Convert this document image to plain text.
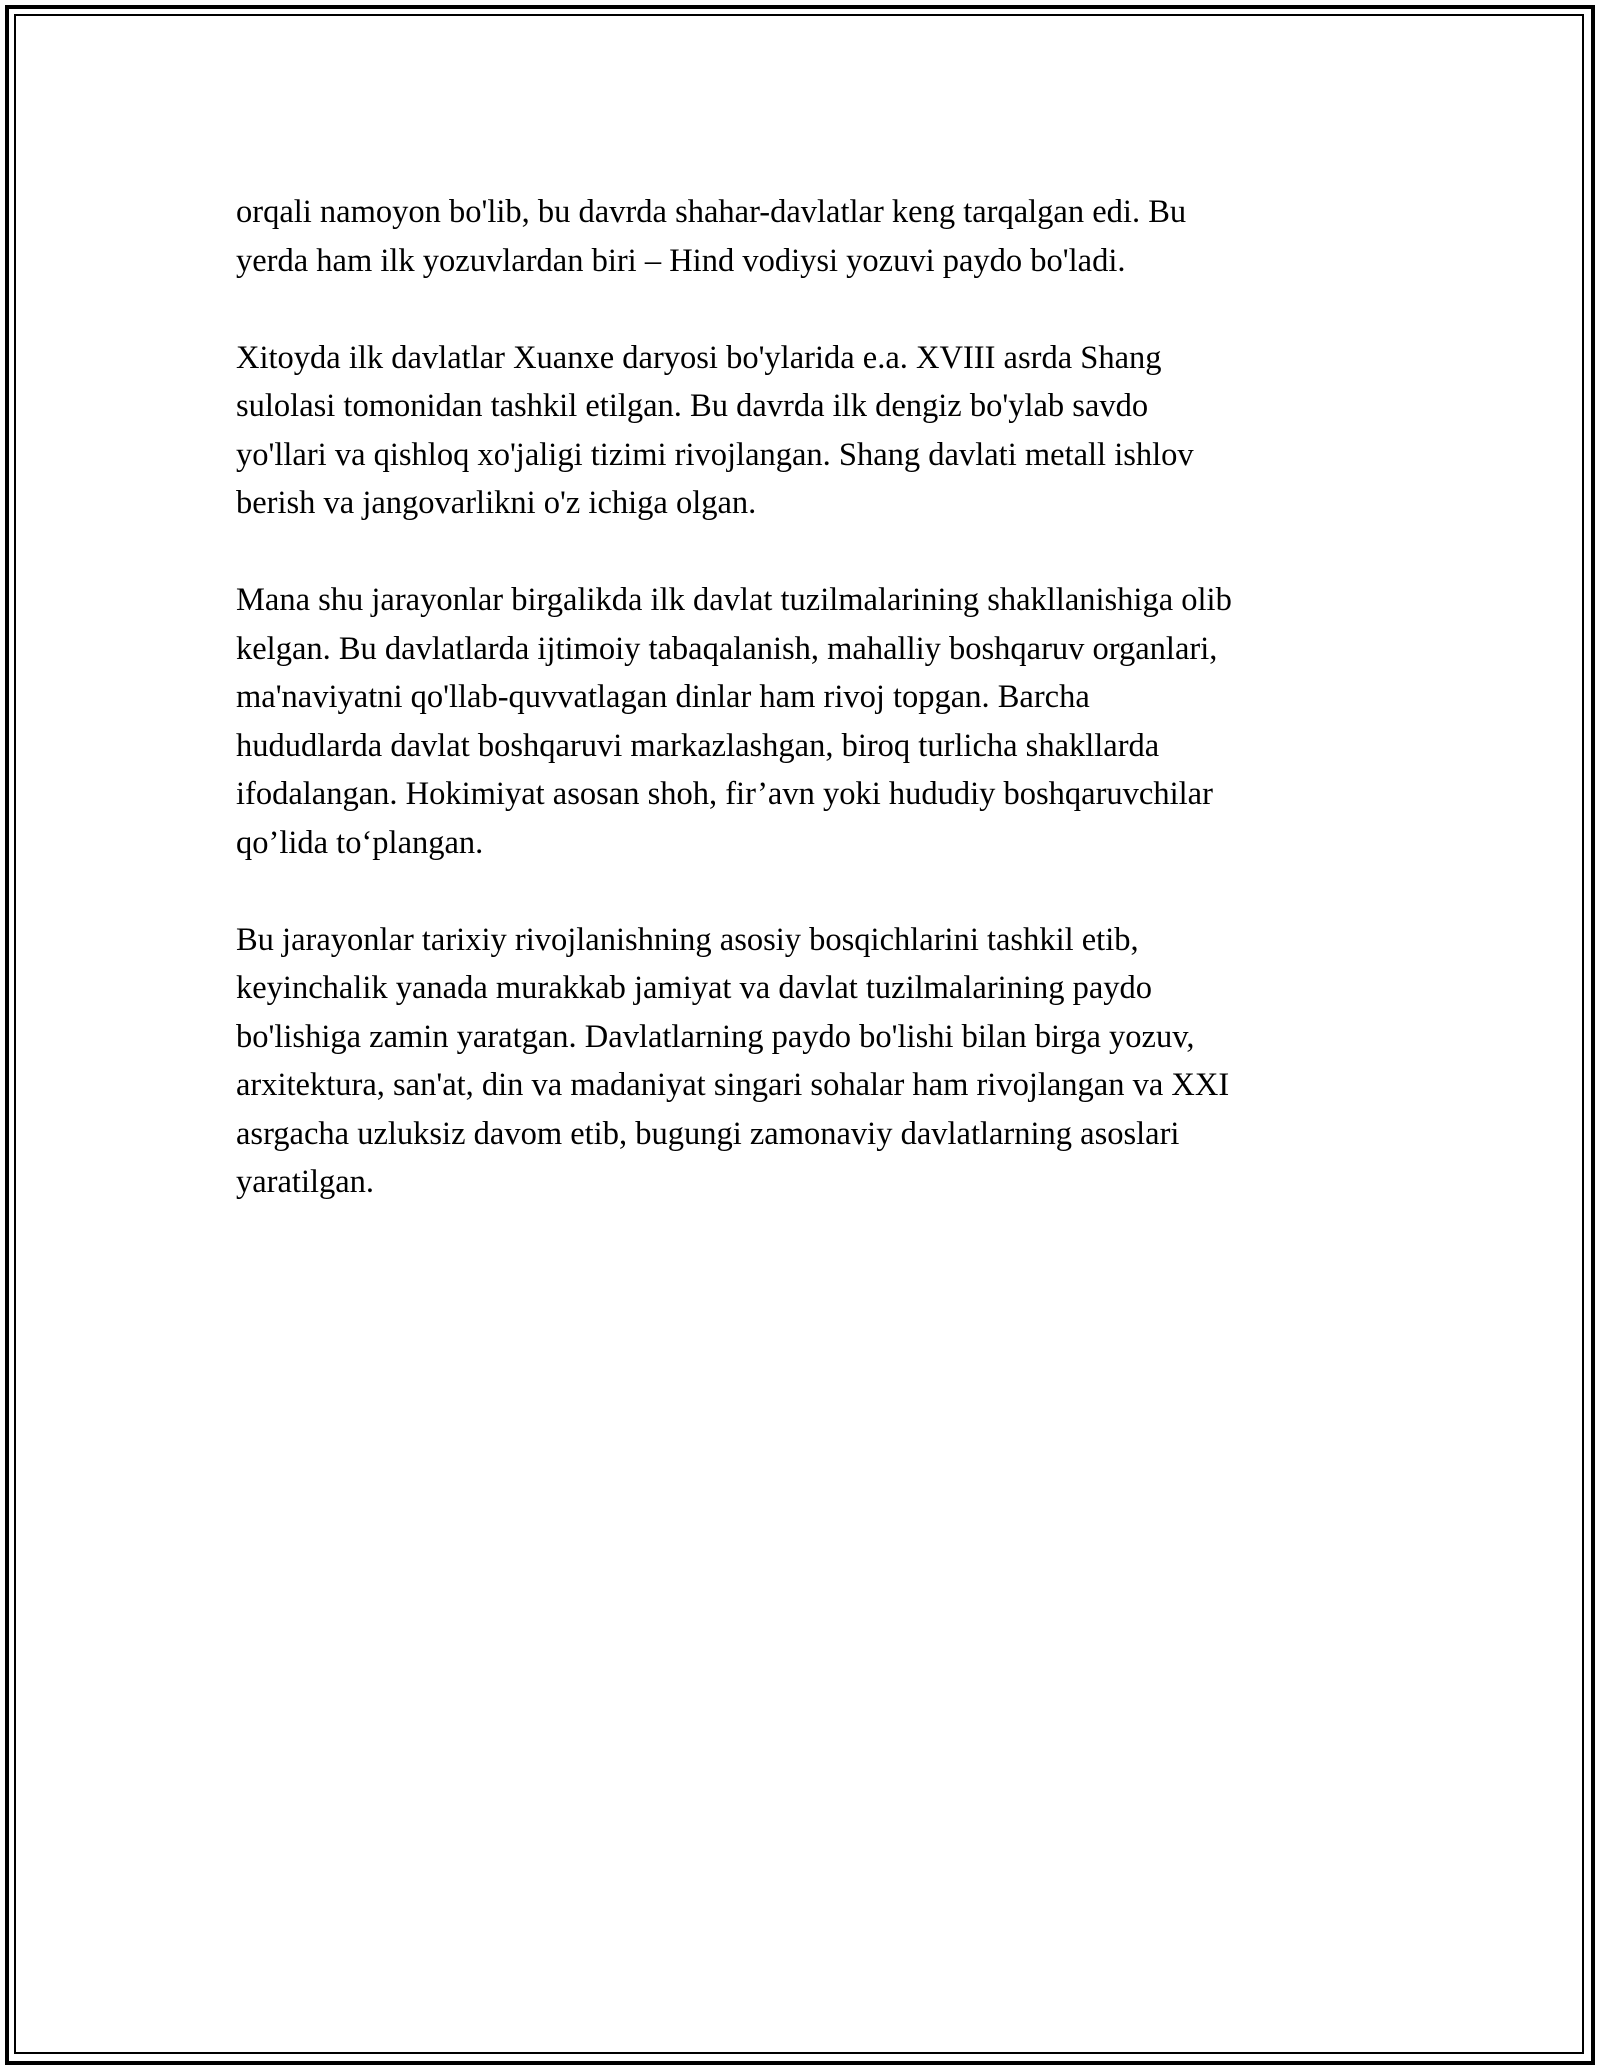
orqali namoyon bo'lib, bu davrda shahar-davlatlar keng tarqalgan edi. Bu
yerda ham ilk yozuvlardan biri – Hind vodiysi yozuvi paydo bo'ladi.

Xitoyda ilk davlatlar Xuanxe daryosi bo'ylarida e.a. XVIII asrda Shang
sulolasi tomonidan tashkil etilgan. Bu davrda ilk dengiz bo'ylab savdo
yo'llari va qishloq xo'jaligi tizimi rivojlangan. Shang davlati metall ishlov
berish va jangovarlikni o'z ichiga olgan.

Mana shu jarayonlar birgalikda ilk davlat tuzilmalarining shakllanishiga olib
kelgan. Bu davlatlarda ijtimoiy tabaqalanish, mahalliy boshqaruv organlari,
ma'naviyatni qo'llab-quvvatlagan dinlar ham rivoj topgan. Barcha
hududlarda davlat boshqaruvi markazlashgan, biroq turlicha shakllarda
ifodalangan. Hokimiyat asosan shoh, fir’avn yoki hududiy boshqaruvchilar
qo’lida to‘plangan.

Bu jarayonlar tarixiy rivojlanishning asosiy bosqichlarini tashkil etib,
keyinchalik yanada murakkab jamiyat va davlat tuzilmalarining paydo
bo'lishiga zamin yaratgan. Davlatlarning paydo bo'lishi bilan birga yozuv,
arxitektura, san'at, din va madaniyat singari sohalar ham rivojlangan va XXI
asrgacha uzluksiz davom etib, bugungi zamonaviy davlatlarning asoslari
yaratilgan.
